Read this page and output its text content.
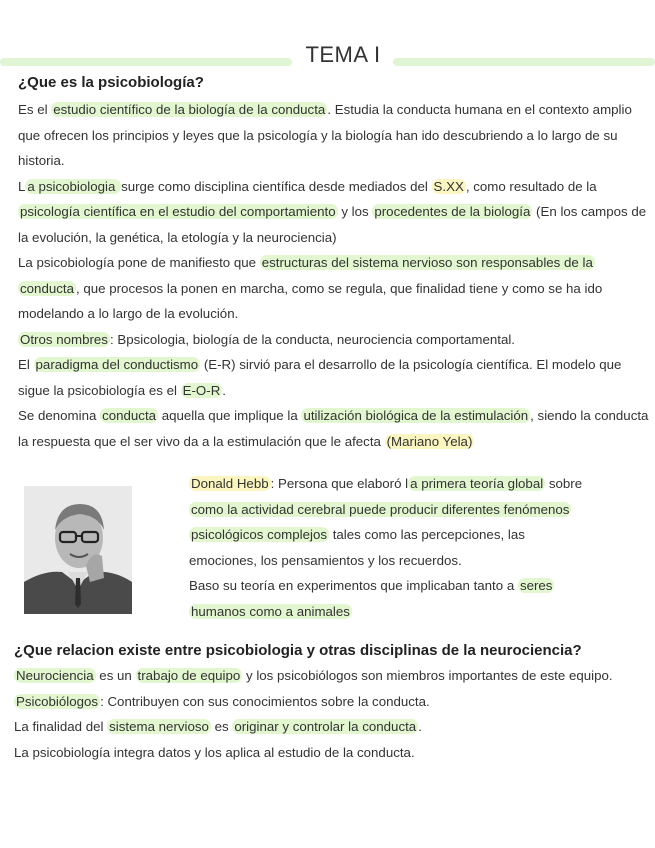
TEMA I
¿Que es la psicobiología?
Es el estudio científico de la biología de la conducta . Estudia la conducta humana en el contexto amplio
que ofrecen los principios y leyes que la psicología y la biología han ido descubriendo a lo largo de su
historia.
L a psicobiologia surge como disciplina científica desde mediados del S.XX , como resultado de la
psicología científica en el estudio del comportamiento y los procedentes de la biología (En los campos de
la evolución, la genética, la etología y la neurociencia)
La psicobiología pone de manifiesto que estructuras del sistema nervioso son responsables de la
conducta , que procesos la ponen en marcha, como se regula, que finalidad tiene y como se ha ido
modelando a lo largo de la evolución.
Otros nombres : Bpsicologia, biología de la conducta, neurociencia comportamental.
El paradigma del conductismo (E-R) sirvió para el desarrollo de la psicología científica. El modelo que
sigue la psicobiología es el E-O-R .
Se denomina conducta aquella que implique la utilización biológica de la estimulación , siendo la conducta
la respuesta que el ser vivo da a la estimulación que le afecta (Mariano Yela)
Donald Hebb : Persona que elaboró l a primera teoría global sobre
como la actividad cerebral puede producir diferentes fenómenos
psicológicos complejos tales como las percepciones, las
emociones, los pensamientos y los recuerdos.
Baso su teoría en experimentos que implicaban tanto a seres
humanos como a animales
¿Que relacion existe entre psicobiologia y otras disciplinas de la neurociencia?
Neurociencia es un trabajo de equipo y los psicobiólogos son miembros importantes de este equipo.
Psicobiólogos : Contribuyen con sus conocimientos sobre la conducta.
La finalidad del sistema nervioso es originar y controlar la conducta .
La psicobiología integra datos y los aplica al estudio de la conducta.
